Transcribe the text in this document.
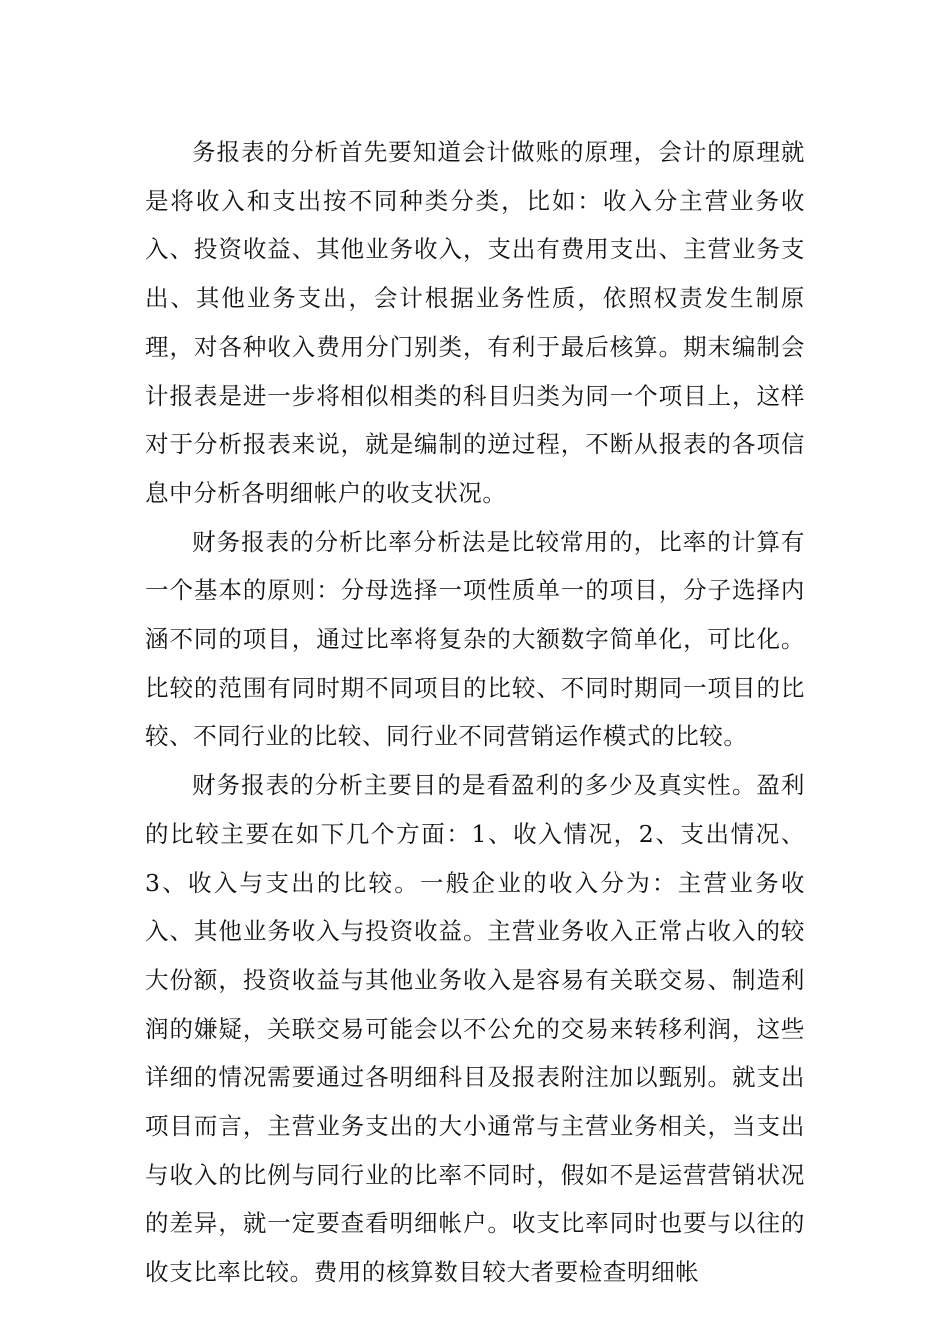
务报表的分析首先要知道会计做账的原理，会计的原理就是将收入和支出按不同种类分类，比如：收入分主营业务收入、投资收益、其他业务收入，支出有费用支出、主营业务支出、其他业务支出，会计根据业务性质，依照权责发生制原理，对各种收入费用分门别类，有利于最后核算。期末编制会计报表是进一步将相似相类的科目归类为同一个项目上，这样对于分析报表来说，就是编制的逆过程，不断从报表的各项信息中分析各明细帐户的收支状况。

财务报表的分析比率分析法是比较常用的，比率的计算有一个基本的原则：分母选择一项性质单一的项目，分子选择内涵不同的项目，通过比率将复杂的大额数字简单化，可比化。比较的范围有同时期不同项目的比较、不同时期同一项目的比较、不同行业的比较、同行业不同营销运作模式的比较。

财务报表的分析主要目的是看盈利的多少及真实性。盈利的比较主要在如下几个方面：1、收入情况，2、支出情况、3、收入与支出的比较。一般企业的收入分为：主营业务收入、其他业务收入与投资收益。主营业务收入正常占收入的较大份额，投资收益与其他业务收入是容易有关联交易、制造利润的嫌疑，关联交易可能会以不公允的交易来转移利润，这些详细的情况需要通过各明细科目及报表附注加以甄别。就支出项目而言，主营业务支出的大小通常与主营业务相关，当支出与收入的比例与同行业的比率不同时，假如不是运营营销状况的差异，就一定要查看明细帐户。收支比率同时也要与以往的收支比率比较。费用的核算数目较大者要检查明细帐
